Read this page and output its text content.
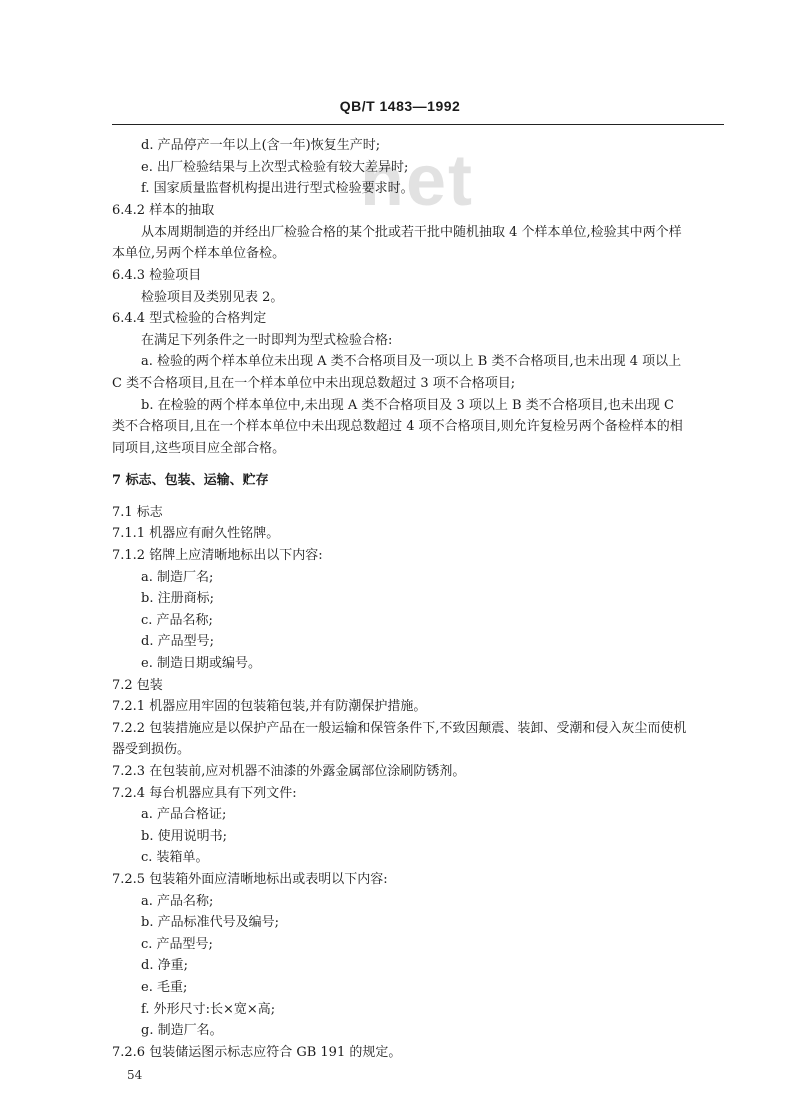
QB/T 1483—1992
net
d. 产品停产一年以上(含一年)恢复生产时;
e. 出厂检验结果与上次型式检验有较大差异时;
f. 国家质量监督机构提出进行型式检验要求时。
6.4.2 样本的抽取
从本周期制造的并经出厂检验合格的某个批或若干批中随机抽取 4 个样本单位,检验其中两个样
本单位,另两个样本单位备检。
6.4.3 检验项目
检验项目及类别见表 2。
6.4.4 型式检验的合格判定
在满足下列条件之一时即判为型式检验合格:
a. 检验的两个样本单位未出现 A 类不合格项目及一项以上 B 类不合格项目,也未出现 4 项以上
C 类不合格项目,且在一个样本单位中未出现总数超过 3 项不合格项目;
b. 在检验的两个样本单位中,未出现 A 类不合格项目及 3 项以上 B 类不合格项目,也未出现 C
类不合格项目,且在一个样本单位中未出现总数超过 4 项不合格项目,则允许复检另两个备检样本的相
同项目,这些项目应全部合格。
7 标志、包装、运输、贮存
7.1 标志
7.1.1 机器应有耐久性铭牌。
7.1.2 铭牌上应清晰地标出以下内容:
a. 制造厂名;
b. 注册商标;
c. 产品名称;
d. 产品型号;
e. 制造日期或编号。
7.2 包装
7.2.1 机器应用牢固的包装箱包装,并有防潮保护措施。
7.2.2 包装措施应是以保护产品在一般运输和保管条件下,不致因颠震、装卸、受潮和侵入灰尘而使机
器受到损伤。
7.2.3 在包装前,应对机器不油漆的外露金属部位涂刷防锈剂。
7.2.4 每台机器应具有下列文件:
a. 产品合格证;
b. 使用说明书;
c. 装箱单。
7.2.5 包装箱外面应清晰地标出或表明以下内容:
a. 产品名称;
b. 产品标准代号及编号;
c. 产品型号;
d. 净重;
e. 毛重;
f. 外形尺寸:长×宽×高;
g. 制造厂名。
7.2.6 包装储运图示标志应符合 GB 191 的规定。
54
